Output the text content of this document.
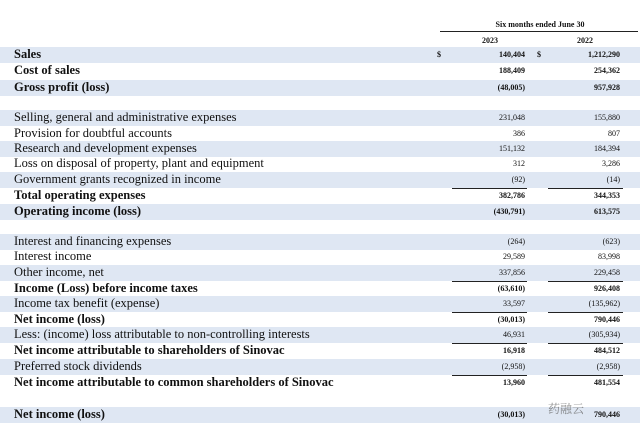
Six months ended June 30
2023	2022
Sales	$	140,404 $	1,212,290
Cost of sales	188,409	254,362
Gross profit (loss)	(48,005)	957,928
Selling, general and administrative expenses	231,048	155,880
Provision for doubtful accounts	386	807
Research and development expenses	151,132	184,394
Loss on disposal of property, plant and equipment	312	3,286
Government grants recognized in income	(92)	(14)
Total operating expenses	382,786	344,353
Operating income (loss)	(430,791)	613,575
Interest and financing expenses	(264)	(623)
Interest income	29,589	83,998
Other income, net	337,856	229,458
Income (Loss) before income taxes	(63,610)	926,408
Income tax benefit (expense)	33,597	(135,962)
Net income (loss)	(30,013)	790,446
Less: (income) loss attributable to non-controlling interests	46,931	(305,934)
Net income attributable to shareholders of Sinovac	16,918	484,512
Preferred stock dividends	(2,958)	(2,958)
Net income attributable to common shareholders of Sinovac	13,960	481,554
Net income (loss)	(30,013)	790,446
药融云
